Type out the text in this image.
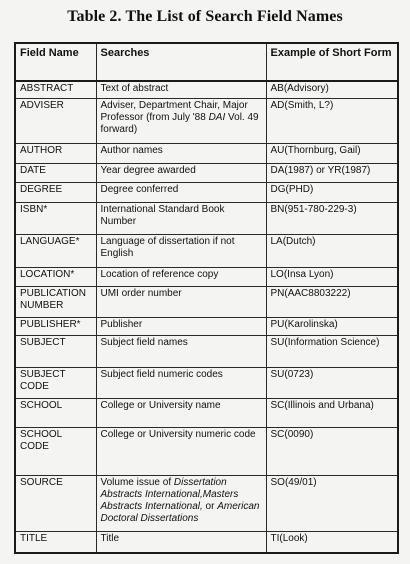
Table 2. The List of Search Field Names
Field Name	Searches	Example of Short Form
ABSTRACT	Text of abstract	AB(Advisory)
ADVISER	Adviser, Department Chair, Major Professor (from July '88 DAI Vol. 49 forward)	AD(Smith, L?)
AUTHOR	Author names	AU(Thornburg, Gail)
DATE	Year degree awarded	DA(1987) or YR(1987)
DEGREE	Degree conferred	DG(PHD)
ISBN*	International Standard Book Number	BN(951-780-229-3)
LANGUAGE*	Language of dissertation if not English	LA(Dutch)
LOCATION*	Location of reference copy	LO(Insa Lyon)
PUBLICATION NUMBER	UMI order number	PN(AAC8803222)
PUBLISHER*	Publisher	PU(Karolinska)
SUBJECT	Subject field names	SU(Information Science)
SUBJECT CODE	Subject field numeric codes	SU(0723)
SCHOOL	College or University name	SC(Illinois and Urbana)
SCHOOL CODE	College or University numeric code	SC(0090)
SOURCE	Volume issue of Dissertation Abstracts International,Masters Abstracts International, or American Doctoral Dissertations	SO(49/01)
TITLE	Title	TI(Look)
